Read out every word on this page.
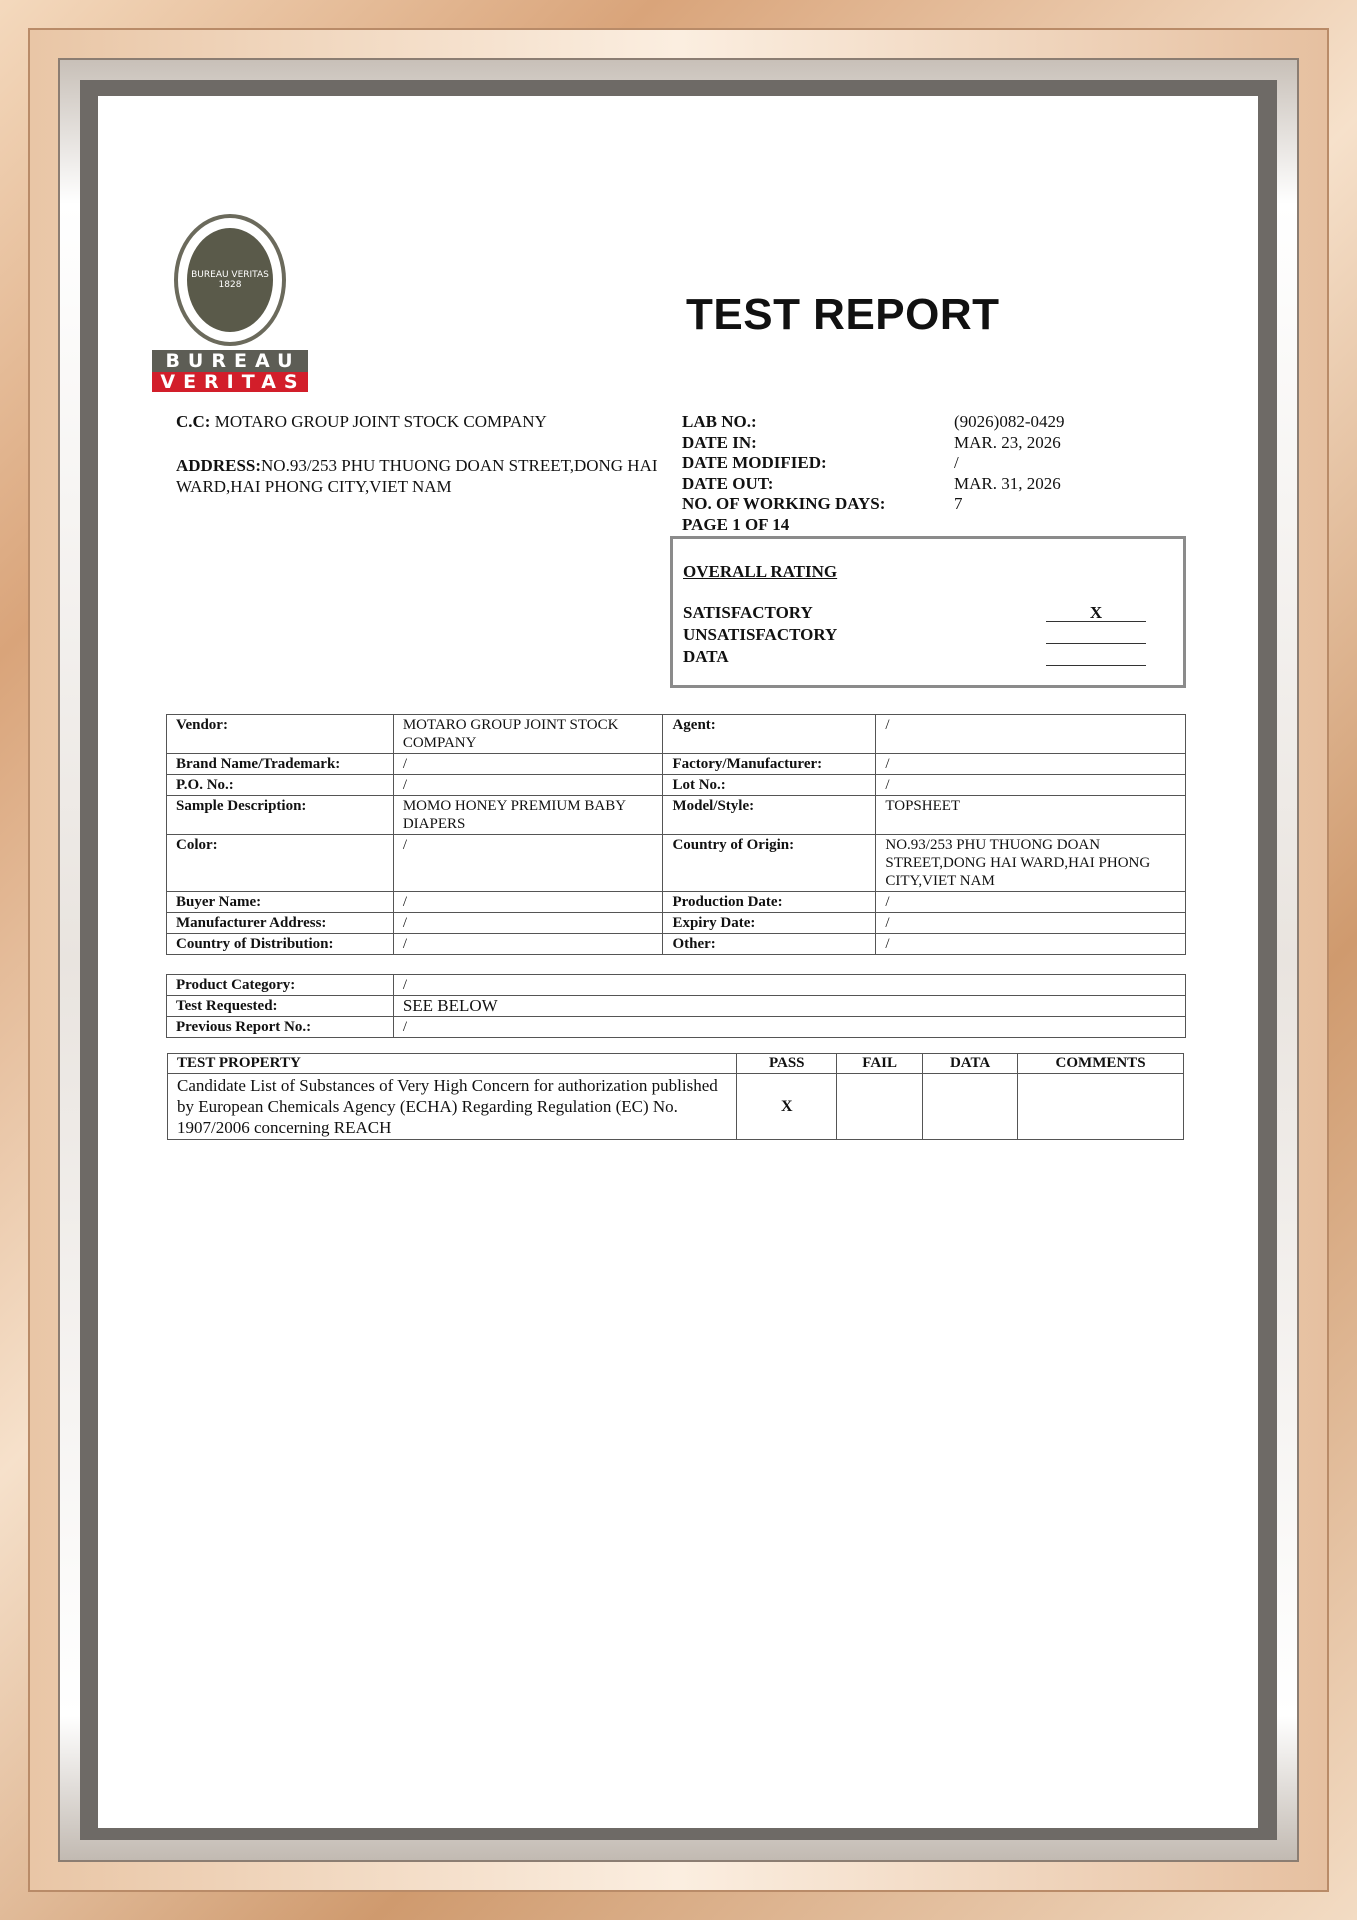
BUREAU VERITAS 1828
BUREAU
VERITAS
TEST REPORT
C.C: MOTARO GROUP JOINT STOCK COMPANY
ADDRESS:NO.93/253 PHU THUONG DOAN STREET,DONG HAI WARD,HAI PHONG CITY,VIET NAM
LAB NO.:	(9026)082-0429
DATE IN:	MAR. 23, 2026
DATE MODIFIED:	/
DATE OUT:	MAR. 31, 2026
NO. OF WORKING DAYS:	7
PAGE 1 OF 14
OVERALL RATING
SATISFACTORY	X
UNSATISFACTORY
DATA
Vendor:	MOTARO GROUP JOINT STOCK COMPANY	Agent:	/
Brand Name/Trademark:	/	Factory/Manufacturer:	/
P.O. No.:	/	Lot No.:	/
Sample Description:	MOMO HONEY PREMIUM BABY DIAPERS	Model/Style:	TOPSHEET
Color:	/	Country of Origin:	NO.93/253 PHU THUONG DOAN STREET,DONG HAI WARD,HAI PHONG CITY,VIET NAM
Buyer Name:	/	Production Date:	/
Manufacturer Address:	/	Expiry Date:	/
Country of Distribution:	/	Other:	/
Product Category:	/
Test Requested:	SEE BELOW
Previous Report No.:	/
TEST PROPERTY	PASS	FAIL	DATA	COMMENTS
Candidate List of Substances of Very High Concern for authorization published by European Chemicals Agency (ECHA) Regarding Regulation (EC) No. 1907/2006 concerning REACH	X			
